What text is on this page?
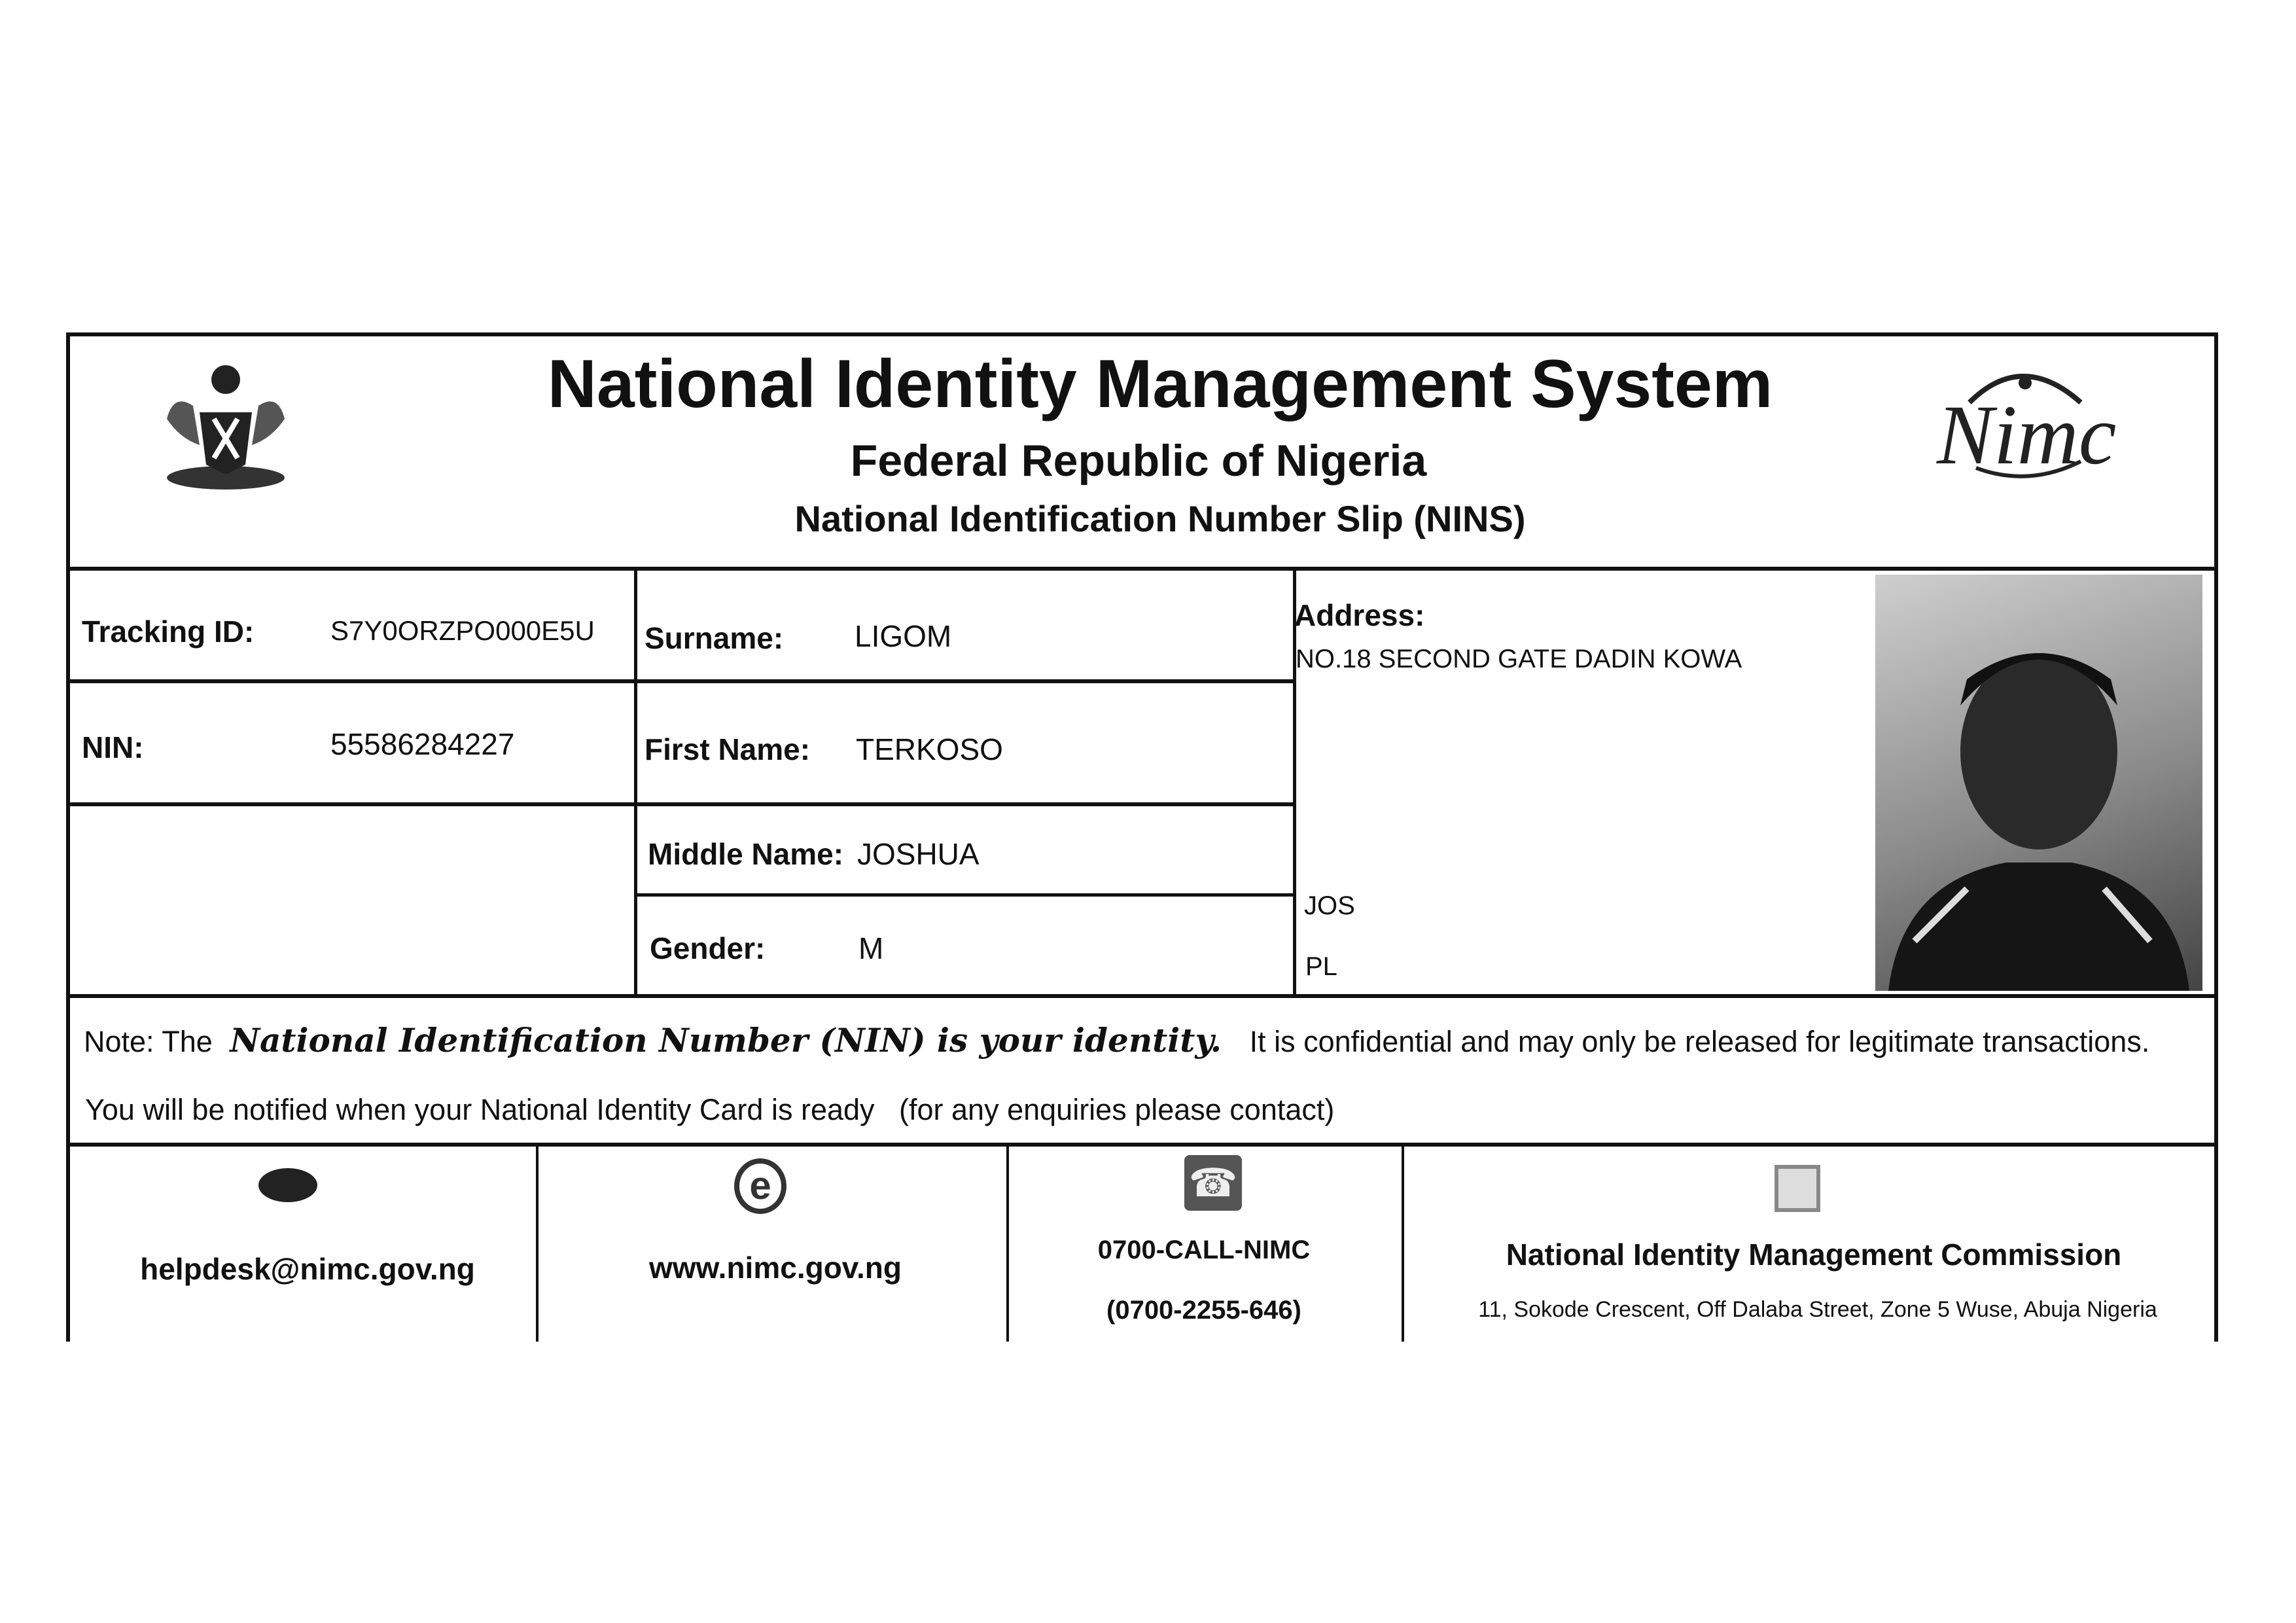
National Identity Management System
Federal Republic of Nigeria
National Identification Number Slip (NINS)
Nimc
Tracking ID:	S7Y0ORZPO000E5U
NIN:	55586284227
Surname: LIGOM
First Name: TERKOSO
Middle Name: JOSHUA
Gender:	M
Address:
NO.18 SECOND GATE DADIN KOWA
JOS
PL
Note: The National Identification Number (NIN) is your identity. It is confidential and may only be released for legitimate transactions.
You will be notified when your National Identity Card is ready   (for any enquiries please contact)
helpdesk@nimc.gov.ng
e
www.nimc.gov.ng
☎
0700-CALL-NIMC
(0700-2255-646)
National Identity Management Commission
11, Sokode Crescent, Off Dalaba Street, Zone 5 Wuse, Abuja Nigeria
